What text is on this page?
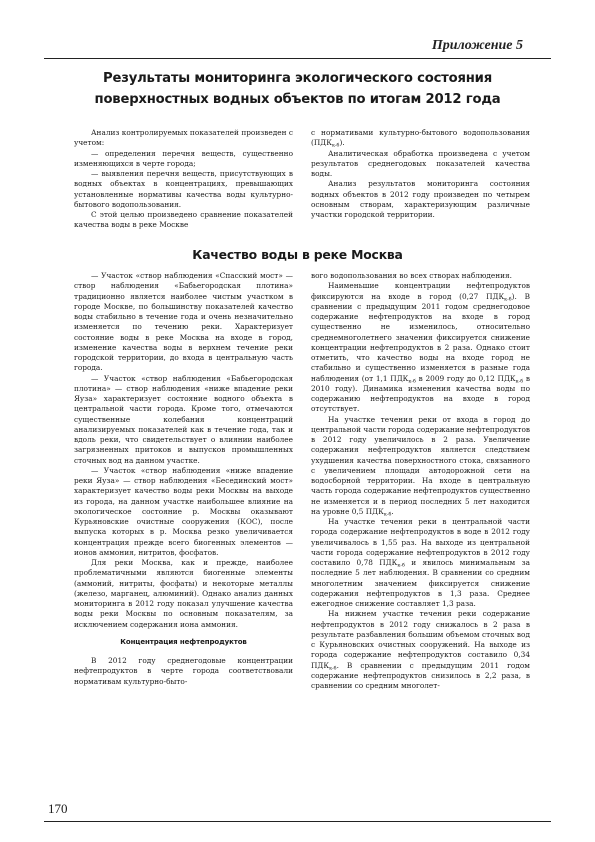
Приложение 5
Результаты мониторинга экологического состояния
поверхностных водных объектов по итогам 2012 года

Анализ контролируемых показателей произведен с учетом:

— определения перечня веществ, существенно изменяющихся в черте города;

— выявления перечня веществ, присутствующих в водных объектах в концентрациях, превышающих установленные нормативы качества воды культурно-бытового водопользования.

С этой целью произведено сравнение показателей качества воды в реке Москве

с нормативами культурно-бытового водопользования $(ПДК_{к-б})$.

Аналитическая обработка произведена с учетом результатов среднегодовых показателей качества воды.

Анализ результатов мониторинга состояния водных объектов в 2012 году произведен по четырем основным створам, характеризующим различные участки городской территории.

Качество воды в реке Москва

— Участок «створ наблюдения «Спасский мост» — створ наблюдения «Бабьегородская плотина» традиционно является наиболее чистым участком в городе Москве, по большинству показателей качество воды стабильно в течение года и очень незначительно изменяется по течению реки. Характеризует состояние воды в реке Москва на входе в город, изменение качества воды в верхнем течение реки городской территории, до входа в центральную часть города.

— Участок «створ наблюдения «Бабьегородская плотина» — створ наблюдения «ниже впадение реки Яуза» характеризует состояние водного объекта в центральной части города. Кроме того, отмечаются существенные колебания концентраций анализируемых показателей как в течение года, так и вдоль реки, что свидетельствует о влиянии наиболее загрязненных притоков и выпусков промышленных сточных вод на данном участке.

— Участок «створ наблюдения «ниже впадение реки Яуза» — створ наблюдения «Бесединский мост» характеризует качество воды реки Москвы на выходе из города, на данном участке наибольшее влияние на экологическое состояние р. Москвы оказывают Курьяновские очистные сооружения (КОС), после выпуска которых в р. Москва резко увеличивается концентрация прежде всего биогенных элементов — ионов аммония, нитритов, фосфатов.

Для реки Москва, как и прежде, наиболее проблематичными являются биогенные элементы (аммоний, нитриты, фосфаты) и некоторые металлы (железо, марганец, алюминий). Однако анализ данных мониторинга в 2012 году показал улучшение качества воды реки Москвы по основным показателям, за исключением содержания иона аммония.

Концентрация нефтепродуктов

В 2012 году среднегодовые концентрации нефтепродуктов в черте города соответствовали нормативам культурно-быто-

вого водопользования во всех створах наблюдения.

Наименьшие концентрации нефтепродуктов фиксируются на входе в город (0,27 $ПДК_{к-б}$). В сравнении с предыдущим 2011 годом среднегодовое содержание нефтепродуктов на входе в город существенно не изменилось, относительно среднемноголетнего значения фиксируется снижение концентрации нефтепродуктов в 2 раза. Однако стоит отметить, что качество воды на входе город не стабильно и существенно изменяется в разные года наблюдения (от 1,1 $ПДК_{к-б}$ в 2009 году до 0,12 $ПДК_{к-б}$ в 2010 году). Динамика изменения качества воды по содержанию нефтепродуктов на входе в город отсутствует.

На участке течения реки от входа в город до центральной части города содержание нефтепродуктов в 2012 году увеличилось в 2 раза. Увеличение содержания нефтепродуктов является следствием ухудшения качества поверхностного стока, связанного с увеличением площади автодорожной сети на водосборной территории. На входе в центральную часть города содержание нефтепродуктов существенно не изменяется и в период последних 5 лет находится на уровне 0,5 $ПДК_{к-б}$.

На участке течения реки в центральной части города содержание нефтепродуктов в воде в 2012 году увеличивалось в 1,55 раз. На выходе из центральной части города содержание нефтепродуктов в 2012 году составило 0,78 $ПДК_{к-б}$ и явилось минимальным за последние 5 лет наблюдения. В сравнении со средним многолетним значением фиксируется снижение содержания нефтепродуктов в 1,3 раза. Среднее ежегодное снижение составляет 1,3 раза.

На нижнем участке течения реки содержание нефтепродуктов в 2012 году снижалось в 2 раза в результате разбавления большим объемом сточных вод с Курьяновских очистных сооружений. На выходе из города содержание нефтепродуктов составило 0,34 $ПДК_{к-б}$. В сравнении с предыдущим 2011 годом содержание нефтепродуктов снизилось в 2,2 раза, в сравнении со средним многолет-

170
